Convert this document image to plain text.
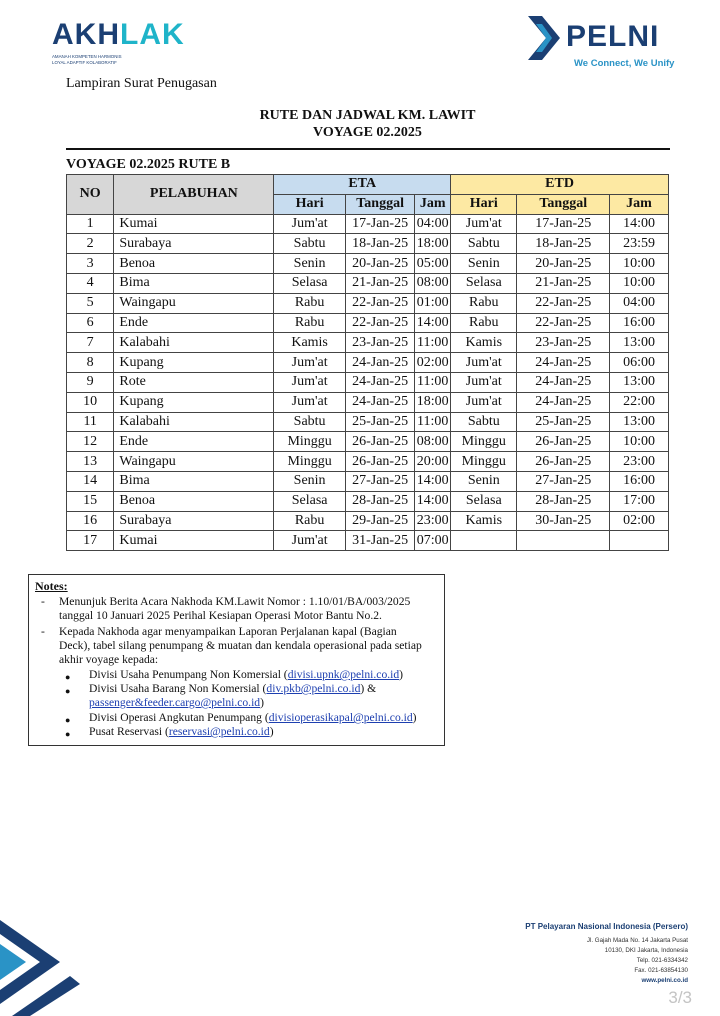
AKHLAK
AMANAH KOMPETEN HARMONIS
LOYAL ADAPTIF KOLABORATIF
PELNI
We Connect, We Unify
Lampiran Surat Penugasan
RUTE DAN JADWAL KM. LAWIT
VOYAGE 02.2025
VOYAGE 02.2025 RUTE B
NO	PELABUHAN	ETA			ETD		
		Hari	Tanggal	Jam	Hari	Tanggal	Jam
1	Kumai	Jum'at	17-Jan-25	04:00	Jum'at	17-Jan-25	14:00
2	Surabaya	Sabtu	18-Jan-25	18:00	Sabtu	18-Jan-25	23:59
3	Benoa	Senin	20-Jan-25	05:00	Senin	20-Jan-25	10:00
4	Bima	Selasa	21-Jan-25	08:00	Selasa	21-Jan-25	10:00
5	Waingapu	Rabu	22-Jan-25	01:00	Rabu	22-Jan-25	04:00
6	Ende	Rabu	22-Jan-25	14:00	Rabu	22-Jan-25	16:00
7	Kalabahi	Kamis	23-Jan-25	11:00	Kamis	23-Jan-25	13:00
8	Kupang	Jum'at	24-Jan-25	02:00	Jum'at	24-Jan-25	06:00
9	Rote	Jum'at	24-Jan-25	11:00	Jum'at	24-Jan-25	13:00
10	Kupang	Jum'at	24-Jan-25	18:00	Jum'at	24-Jan-25	22:00
11	Kalabahi	Sabtu	25-Jan-25	11:00	Sabtu	25-Jan-25	13:00
12	Ende	Minggu	26-Jan-25	08:00	Minggu	26-Jan-25	10:00
13	Waingapu	Minggu	26-Jan-25	20:00	Minggu	26-Jan-25	23:00
14	Bima	Senin	27-Jan-25	14:00	Senin	27-Jan-25	16:00
15	Benoa	Selasa	28-Jan-25	14:00	Selasa	28-Jan-25	17:00
16	Surabaya	Rabu	29-Jan-25	23:00	Kamis	30-Jan-25	02:00
17	Kumai	Jum'at	31-Jan-25	07:00			
Notes:
- Menunjuk Berita Acara Nakhoda KM.Lawit Nomor : 1.10/01/BA/003/2025
tanggal 10 Januari 2025 Perihal Kesiapan Operasi Motor Bantu No.2.
- Kepada Nakhoda agar menyampaikan Laporan Perjalanan kapal (Bagian
Deck), tabel silang penumpang & muatan dan kendala operasional pada setiap
akhir voyage kepada:
● Divisi Usaha Penumpang Non Komersial (divisi.upnk@pelni.co.id)
● Divisi Usaha Barang Non Komersial (div.pkb@pelni.co.id) &
passenger&feeder.cargo@pelni.co.id)
● Divisi Operasi Angkutan Penumpang (divisioperasikapal@pelni.co.id)
● Pusat Reservasi (reservasi@pelni.co.id)
PT Pelayaran Nasional Indonesia (Persero)
Jl. Gajah Mada No. 14 Jakarta Pusat
10130, DKI Jakarta, Indonesia
Telp. 021-6334342
Fax. 021-63854130
www.pelni.co.id
3/3
